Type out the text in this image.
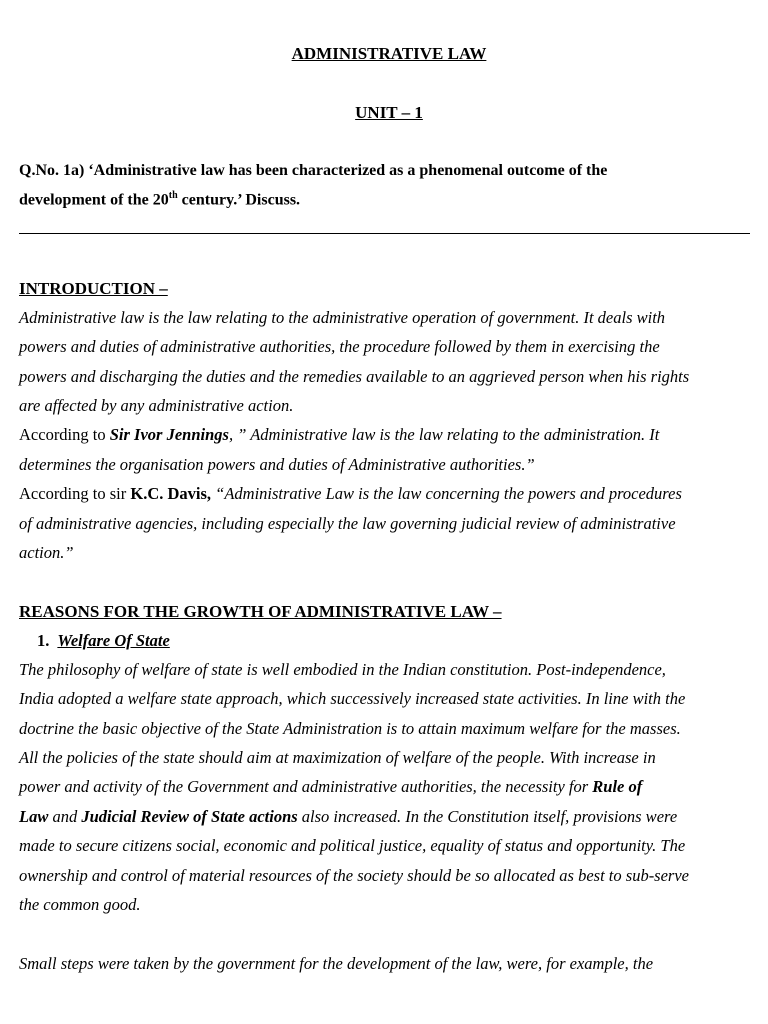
ADMINISTRATIVE LAW
UNIT – 1
Q.No. 1a) ‘Administrative law has been characterized as a phenomenal outcome of the
development of the 20th century.’ Discuss.
INTRODUCTION –
Administrative law is the law relating to the administrative operation of government. It deals with
powers and duties of administrative authorities, the procedure followed by them in exercising the
powers and discharging the duties and the remedies available to an aggrieved person when his rights
are affected by any administrative action.
According to Sir Ivor Jennings, ” Administrative law is the law relating to the administration. It
determines the organisation powers and duties of Administrative authorities.”
According to sir K.C. Davis, “Administrative Law is the law concerning the powers and procedures
of administrative agencies, including especially the law governing judicial review of administrative
action.”
REASONS FOR THE GROWTH OF ADMINISTRATIVE LAW –
1. Welfare Of State
The philosophy of welfare of state is well embodied in the Indian constitution. Post-independence,
India adopted a welfare state approach, which successively increased state activities. In line with the
doctrine the basic objective of the State Administration is to attain maximum welfare for the masses.
All the policies of the state should aim at maximization of welfare of the people. With increase in
power and activity of the Government and administrative authorities, the necessity for Rule of
Law and Judicial Review of State actions also increased. In the Constitution itself, provisions were
made to secure citizens social, economic and political justice, equality of status and opportunity. The
ownership and control of material resources of the society should be so allocated as best to sub-serve
the common good.
Small steps were taken by the government for the development of the law, were, for example, the
